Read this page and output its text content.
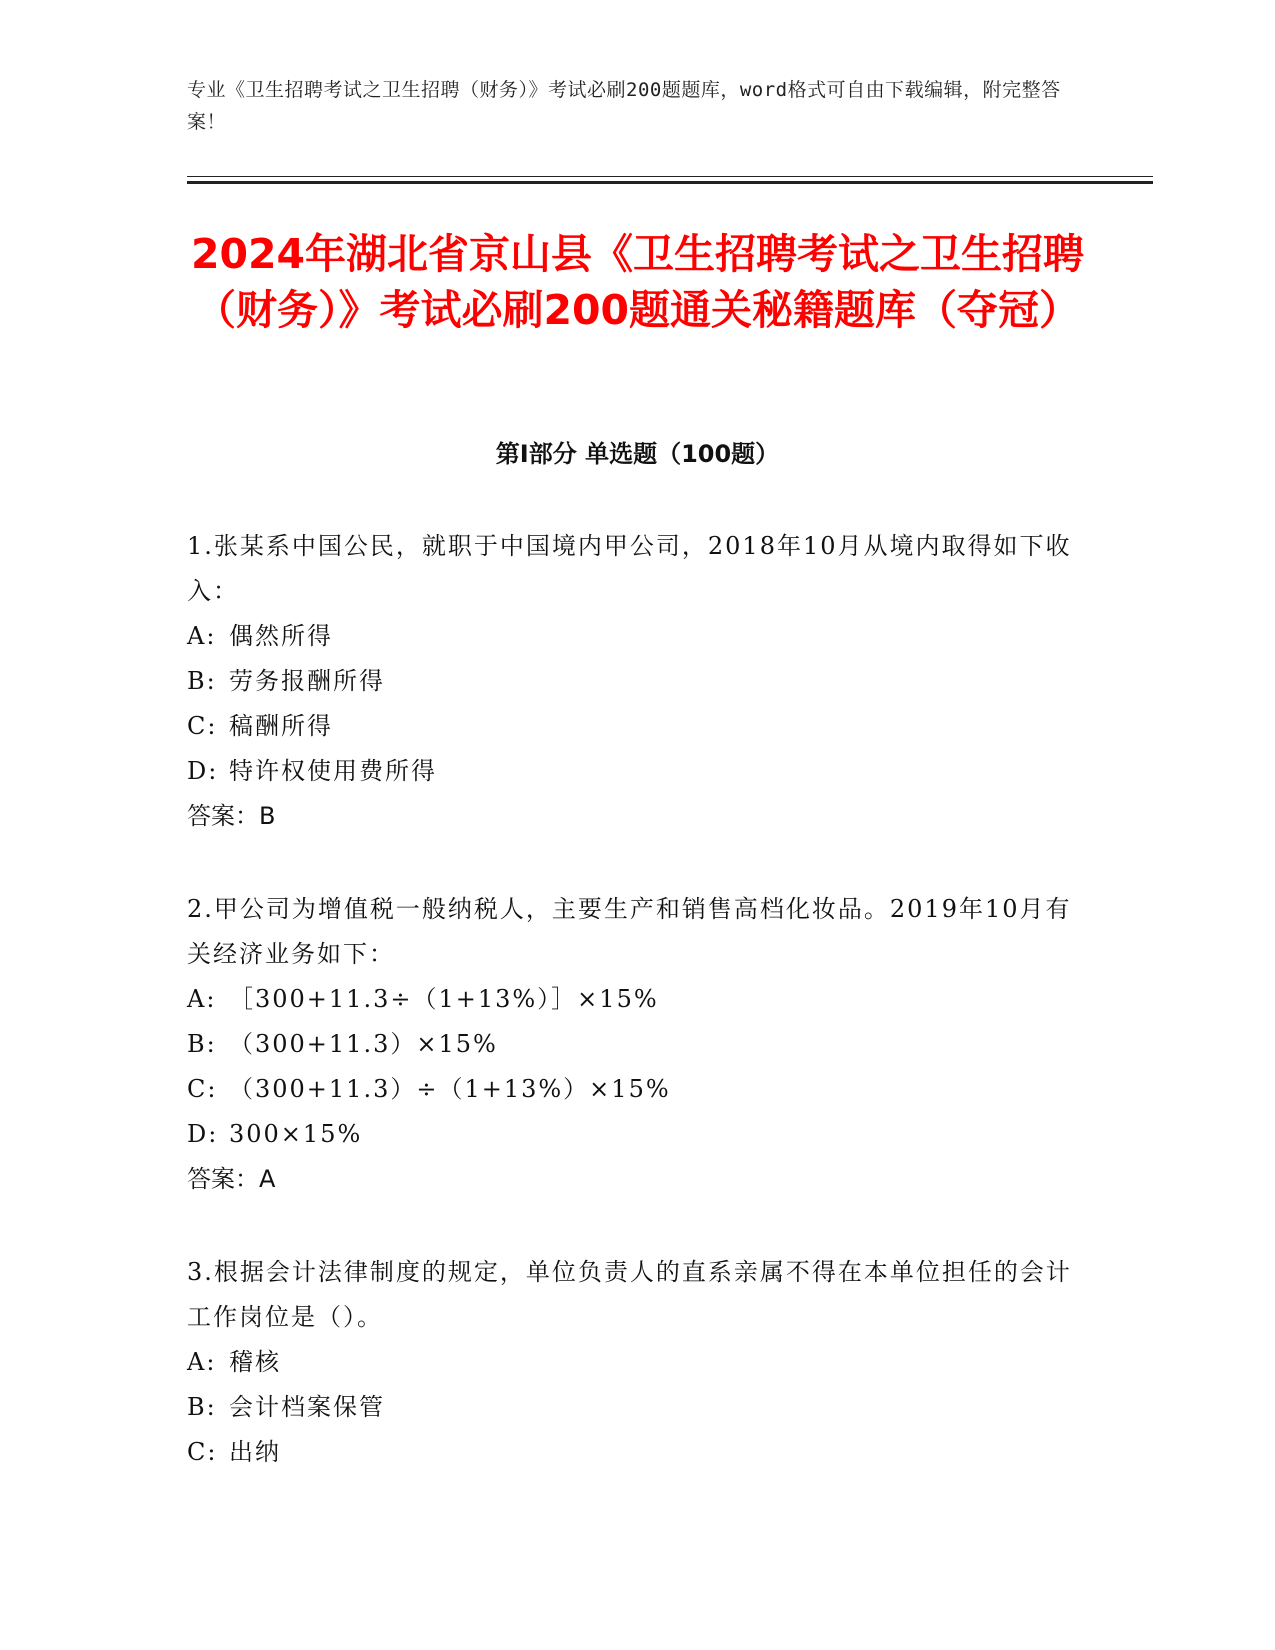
专业《卫生招聘考试之卫生招聘（财务）》考试必刷200题题库，word格式可自由下载编辑，附完整答案！
2024年湖北省京山县《卫生招聘考试之卫生招聘（财务）》考试必刷200题通关秘籍题库（夺冠）
第Ⅰ部分 单选题（100题）
1.张某系中国公民，就职于中国境内甲公司，2018年10月从境内取得如下收入：
A: 偶然所得
B: 劳务报酬所得
C: 稿酬所得
D: 特许权使用费所得
答案：B
2.甲公司为增值税一般纳税人，主要生产和销售高档化妆品。2019年10月有关经济业务如下：
A: ［300+11.3÷（1+13%）］×15%
B: （300+11.3）×15%
C: （300+11.3）÷（1+13%）×15%
D: 300×15%
答案：A
3.根据会计法律制度的规定，单位负责人的直系亲属不得在本单位担任的会计工作岗位是（）。
A: 稽核
B: 会计档案保管
C: 出纳
